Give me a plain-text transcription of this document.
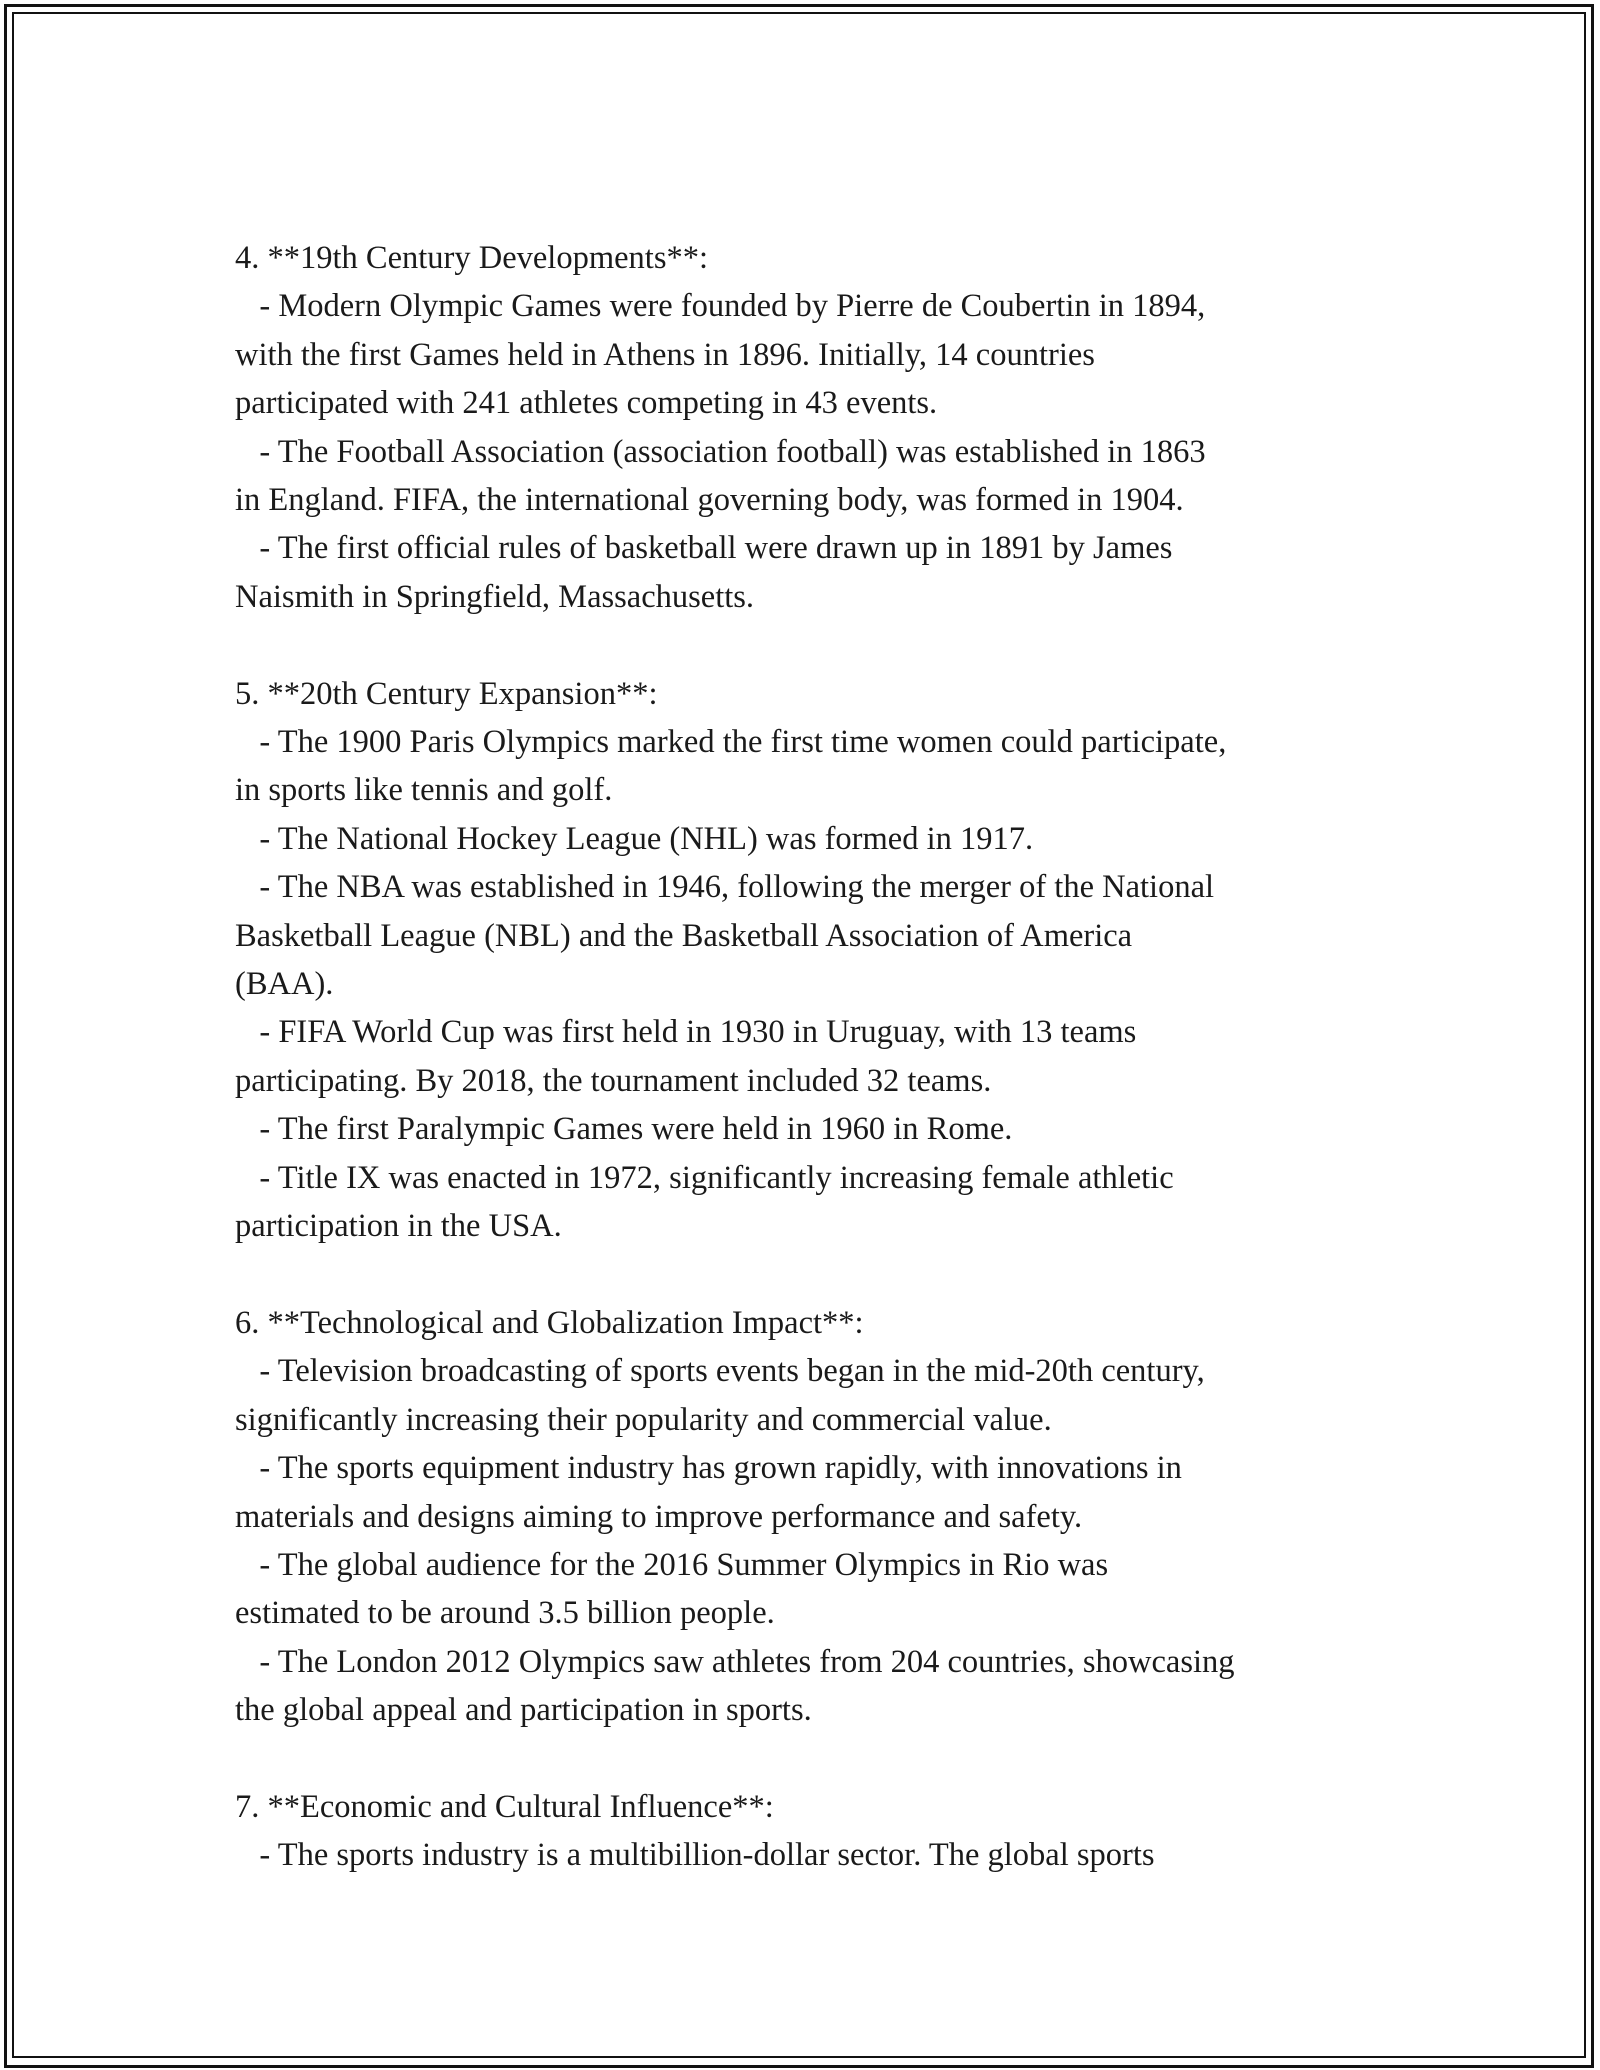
4. **19th Century Developments**:
- Modern Olympic Games were founded by Pierre de Coubertin in 1894,
with the first Games held in Athens in 1896. Initially, 14 countries
participated with 241 athletes competing in 43 events.
- The Football Association (association football) was established in 1863
in England. FIFA, the international governing body, was formed in 1904.
- The first official rules of basketball were drawn up in 1891 by James
Naismith in Springfield, Massachusetts.
5. **20th Century Expansion**:
- The 1900 Paris Olympics marked the first time women could participate,
in sports like tennis and golf.
- The National Hockey League (NHL) was formed in 1917.
- The NBA was established in 1946, following the merger of the National
Basketball League (NBL) and the Basketball Association of America
(BAA).
- FIFA World Cup was first held in 1930 in Uruguay, with 13 teams
participating. By 2018, the tournament included 32 teams.
- The first Paralympic Games were held in 1960 in Rome.
- Title IX was enacted in 1972, significantly increasing female athletic
participation in the USA.
6. **Technological and Globalization Impact**:
- Television broadcasting of sports events began in the mid-20th century,
significantly increasing their popularity and commercial value.
- The sports equipment industry has grown rapidly, with innovations in
materials and designs aiming to improve performance and safety.
- The global audience for the 2016 Summer Olympics in Rio was
estimated to be around 3.5 billion people.
- The London 2012 Olympics saw athletes from 204 countries, showcasing
the global appeal and participation in sports.
7. **Economic and Cultural Influence**:
- The sports industry is a multibillion-dollar sector. The global sports
